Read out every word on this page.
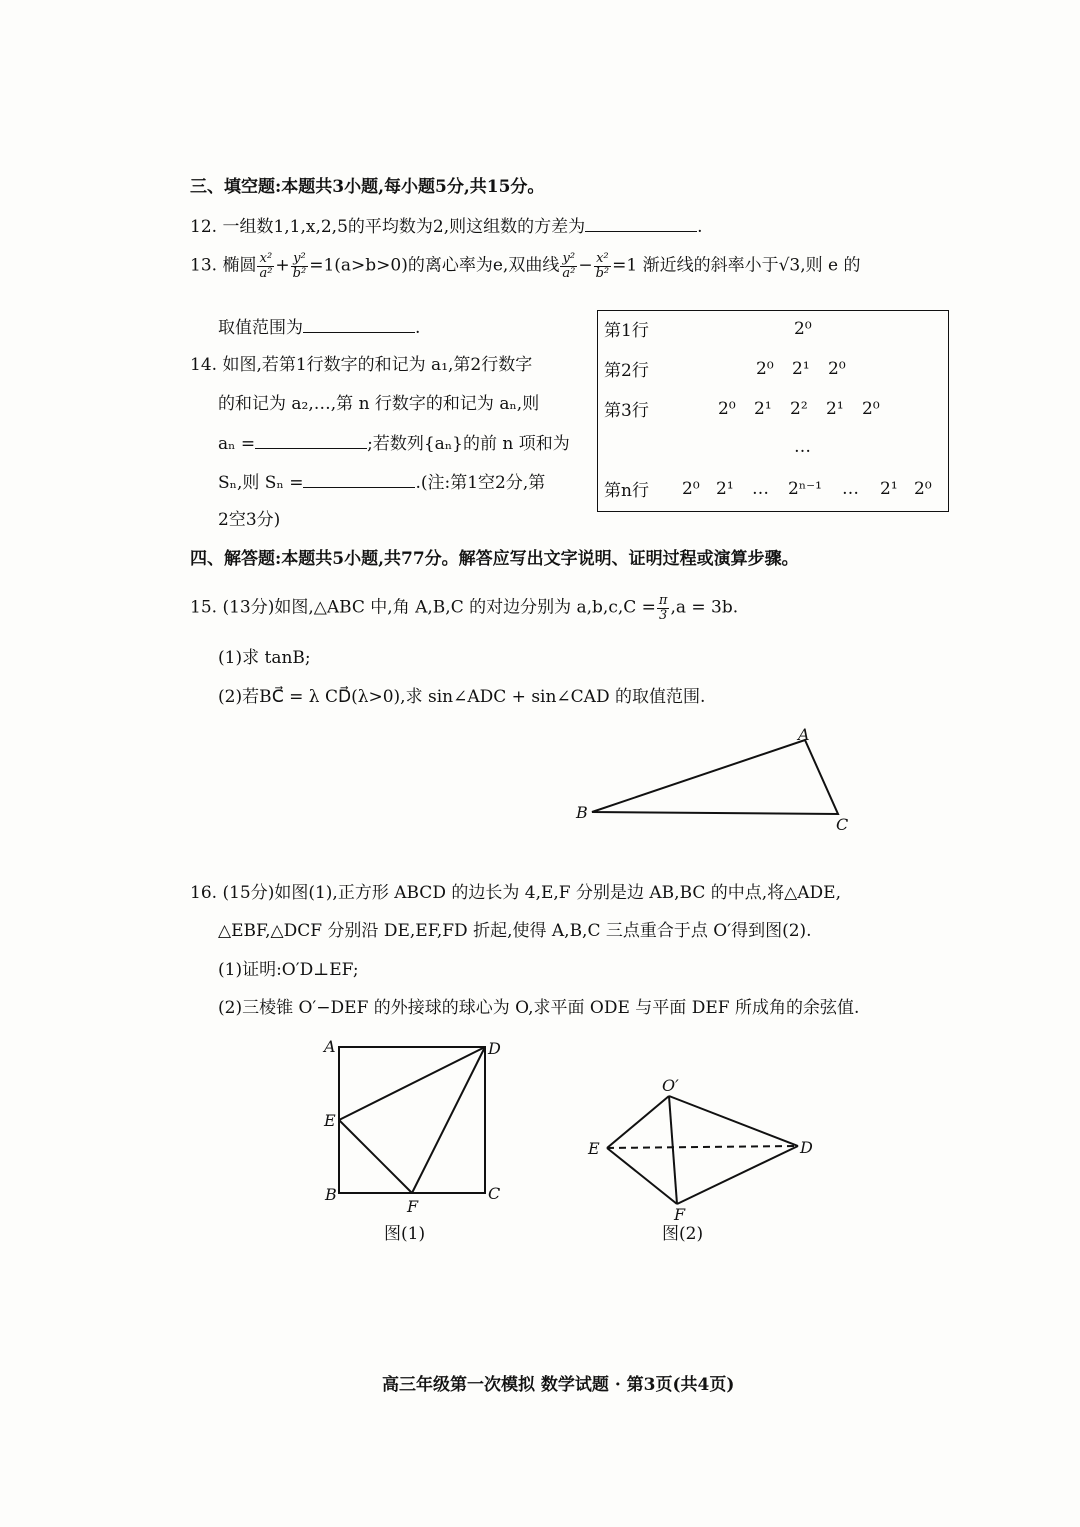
三、填空题:本题共3小题,每小题5分,共15分。
12. 一组数1,1,x,2,5的平均数为2,则这组数的方差为	.
13. 椭圆 $\frac{\text{x²}}{\text{a²}} + \frac{\text{y²}}{\text{b²}} =1(a>b>0)$的离心率为e,双曲线 $\frac{\text{y²}}{\text{a²}} - \frac{\text{x²}}{\text{b²}} =1$ 渐近线的斜率小于√3,则 e 的
取值范围为	.
14. 如图,若第1行数字的和记为 a₁,第2行数字
的和记为 a₂,…,第 n 行数字的和记为 aₙ,则
aₙ =	;若数列{aₙ}的前 n 项和为
Sₙ,则 Sₙ =	.(注:第1空2分,第
2空3分)
第1行	2⁰
第2行	2⁰ 2¹ 2⁰
第3行	2⁰ 2¹ 2² 2¹ 2⁰
…
第n行 2⁰ 2¹ … 2ⁿ⁻¹ … 2¹ 2⁰
四、解答题:本题共5小题,共77分。解答应写出文字说明、证明过程或演算步骤。
15. (13分)如图,△ABC 中,角 A,B,C 的对边分别为 $a,b,c,C = \frac{\pi}{3} ,a = 3b$.
(1)求 tanB;
(2)若BC⃗ = λ CD⃗(λ>0),求 sin∠ADC + sin∠CAD 的取值范围.
A
B
C
16. (15分)如图(1),正方形 ABCD 的边长为 4,E,F 分别是边 AB,BC 的中点,将△ADE,
△EBF,△DCF 分别沿 DE,EF,FD 折起,使得 A,B,C 三点重合于点 O′得到图(2).
(1)证明:O′D⊥EF;
(2)三棱锥 O′−DEF 的外接球的球心为 O,求平面 ODE 与平面 DEF 所成角的余弦值.
A	D
E
B
F
C
图(1)
O′
E	D
F
图(2)
高三年级第一次模拟 数学试题 · 第3页(共4页)
